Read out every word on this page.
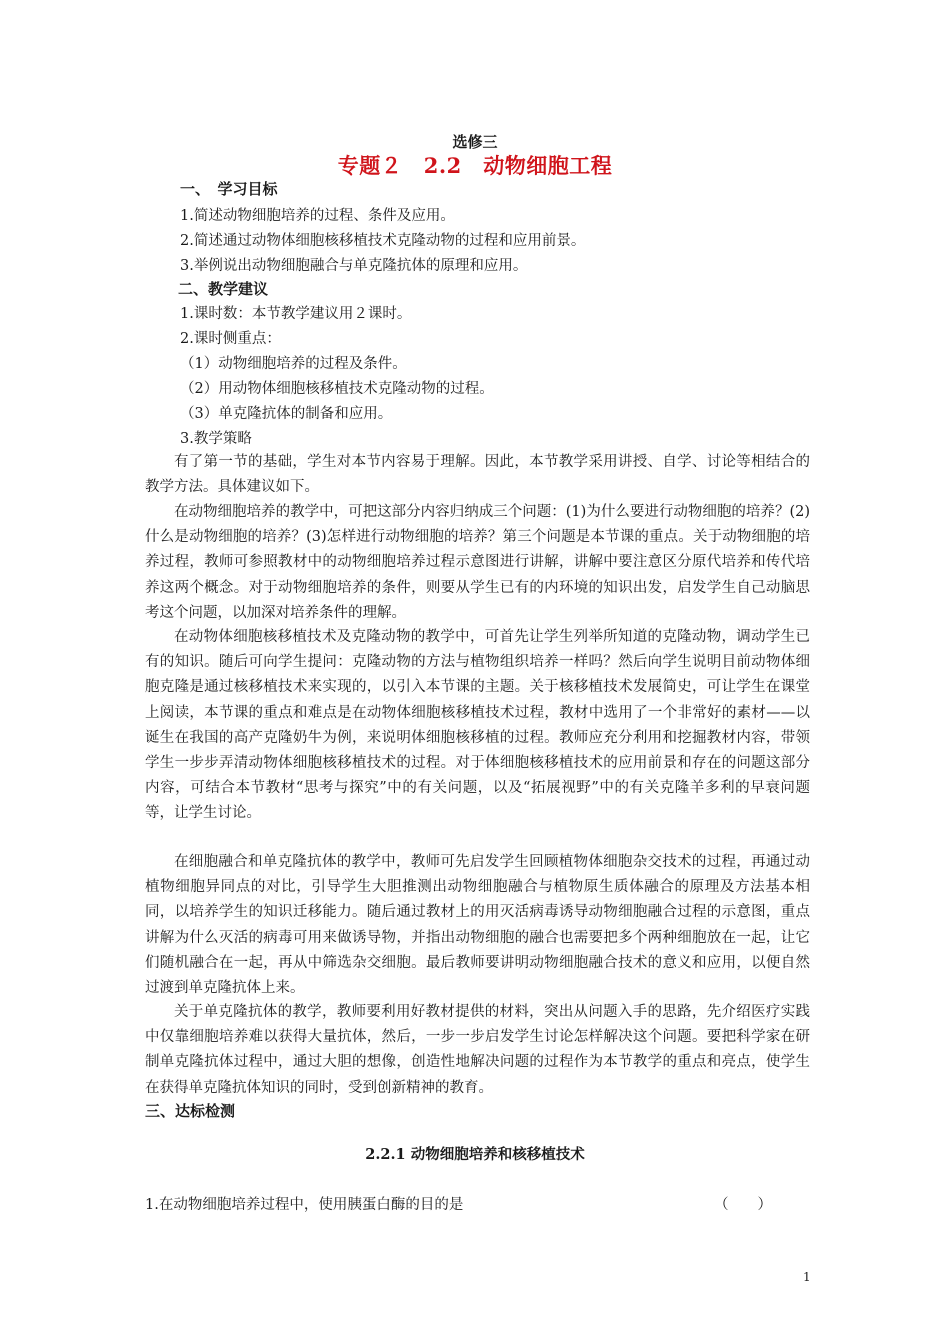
选修三
专题２　2.2　动物细胞工程
一、　学习目标
1.简述动物细胞培养的过程、条件及应用。
2.简述通过动物体细胞核移植技术克隆动物的过程和应用前景。
3.举例说出动物细胞融合与单克隆抗体的原理和应用。
二、教学建议
1.课时数：本节教学建议用２课时。
2.课时侧重点：
（1）动物细胞培养的过程及条件。
（2）用动物体细胞核移植技术克隆动物的过程。
（3）单克隆抗体的制备和应用。
3.教学策略

有了第一节的基础，学生对本节内容易于理解。因此，本节教学采用讲授、自学、讨论等相结合的教学方法。具体建议如下。

在动物细胞培养的教学中，可把这部分内容归纳成三个问题：(1)为什么要进行动物细胞的培养？(2)什么是动物细胞的培养？(3)怎样进行动物细胞的培养？第三个问题是本节课的重点。关于动物细胞的培养过程，教师可参照教材中的动物细胞培养过程示意图进行讲解，讲解中要注意区分原代培养和传代培养这两个概念。对于动物细胞培养的条件，则要从学生已有的内环境的知识出发，启发学生自己动脑思考这个问题，以加深对培养条件的理解。

在动物体细胞核移植技术及克隆动物的教学中，可首先让学生列举所知道的克隆动物，调动学生已有的知识。随后可向学生提问：克隆动物的方法与植物组织培养一样吗？然后向学生说明目前动物体细胞克隆是通过核移植技术来实现的，以引入本节课的主题。关于核移植技术发展简史，可让学生在课堂上阅读，本节课的重点和难点是在动物体细胞核移植技术过程，教材中选用了一个非常好的素材——以诞生在我国的高产克隆奶牛为例，来说明体细胞核移植的过程。教师应充分利用和挖掘教材内容，带领学生一步步弄清动物体细胞核移植技术的过程。对于体细胞核移植技术的应用前景和存在的问题这部分内容，可结合本节教材“思考与探究”中的有关问题，以及“拓展视野”中的有关克隆羊多利的早衰问题等，让学生讨论。

在细胞融合和单克隆抗体的教学中，教师可先启发学生回顾植物体细胞杂交技术的过程，再通过动植物细胞异同点的对比，引导学生大胆推测出动物细胞融合与植物原生质体融合的原理及方法基本相同，以培养学生的知识迁移能力。随后通过教材上的用灭活病毒诱导动物细胞融合过程的示意图，重点讲解为什么灭活的病毒可用来做诱导物，并指出动物细胞的融合也需要把多个两种细胞放在一起，让它们随机融合在一起，再从中筛选杂交细胞。最后教师要讲明动物细胞融合技术的意义和应用，以便自然过渡到单克隆抗体上来。

关于单克隆抗体的教学，教师要利用好教材提供的材料，突出从问题入手的思路，先介绍医疗实践中仅靠细胞培养难以获得大量抗体，然后，一步一步启发学生讨论怎样解决这个问题。要把科学家在研制单克隆抗体过程中，通过大胆的想像，创造性地解决问题的过程作为本节教学的重点和亮点，使学生在获得单克隆抗体知识的同时，受到创新精神的教育。

三、达标检测
2.2.1 动物细胞培养和核移植技术
1.在动物细胞培养过程中，使用胰蛋白酶的目的是	（　　）
1
